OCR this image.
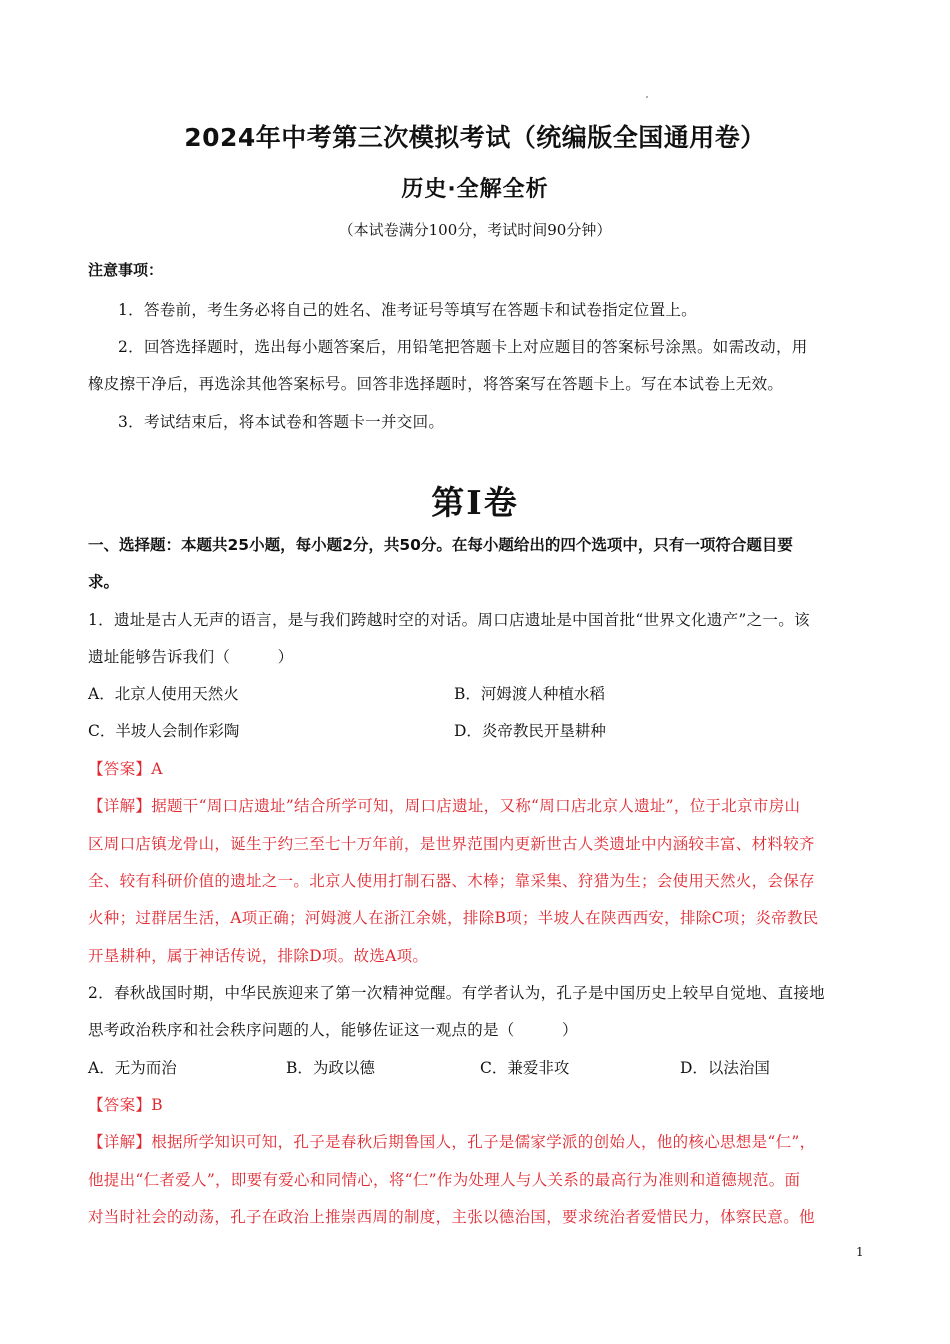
2024年中考第三次模拟考试（统编版全国通用卷）
历史·全解全析
（本试卷满分100分，考试时间90分钟）
注意事项：
1．答卷前，考生务必将自己的姓名、准考证号等填写在答题卡和试卷指定位置上。
2．回答选择题时，选出每小题答案后，用铅笔把答题卡上对应题目的答案标号涂黑。如需改动，用
橡皮擦干净后，再选涂其他答案标号。回答非选择题时，将答案写在答题卡上。写在本试卷上无效。
3．考试结束后，将本试卷和答题卡一并交回。
第Ⅰ卷
一、选择题：本题共25小题，每小题2分，共50分。在每小题给出的四个选项中，只有一项符合题目要
求。
1．遗址是古人无声的语言，是与我们跨越时空的对话。周口店遗址是中国首批“世界文化遗产”之一。该
遗址能够告诉我们（　　　）
A．北京人使用天然火	B．河姆渡人种植水稻
C．半坡人会制作彩陶	D．炎帝教民开垦耕种
【答案】A
【详解】据题干“周口店遗址”结合所学可知，周口店遗址，又称“周口店北京人遗址”，位于北京市房山
区周口店镇龙骨山，诞生于约三至七十万年前，是世界范围内更新世古人类遗址中内涵较丰富、材料较齐
全、较有科研价值的遗址之一。北京人使用打制石器、木棒；靠采集、狩猎为生；会使用天然火，会保存
火种；过群居生活，A项正确；河姆渡人在浙江余姚，排除B项；半坡人在陕西西安，排除C项；炎帝教民
开垦耕种，属于神话传说，排除D项。故选A项。
2．春秋战国时期，中华民族迎来了第一次精神觉醒。有学者认为，孔子是中国历史上较早自觉地、直接地
思考政治秩序和社会秩序问题的人，能够佐证这一观点的是（　　　）
A．无为而治	B．为政以德	C．兼爱非攻	D．以法治国
【答案】B
【详解】根据所学知识可知，孔子是春秋后期鲁国人，孔子是儒家学派的创始人，他的核心思想是“仁”，
他提出“仁者爱人”，即要有爱心和同情心，将“仁”作为处理人与人关系的最高行为准则和道德规范。面
对当时社会的动荡，孔子在政治上推崇西周的制度，主张以德治国，要求统治者爱惜民力，体察民意。他
1
